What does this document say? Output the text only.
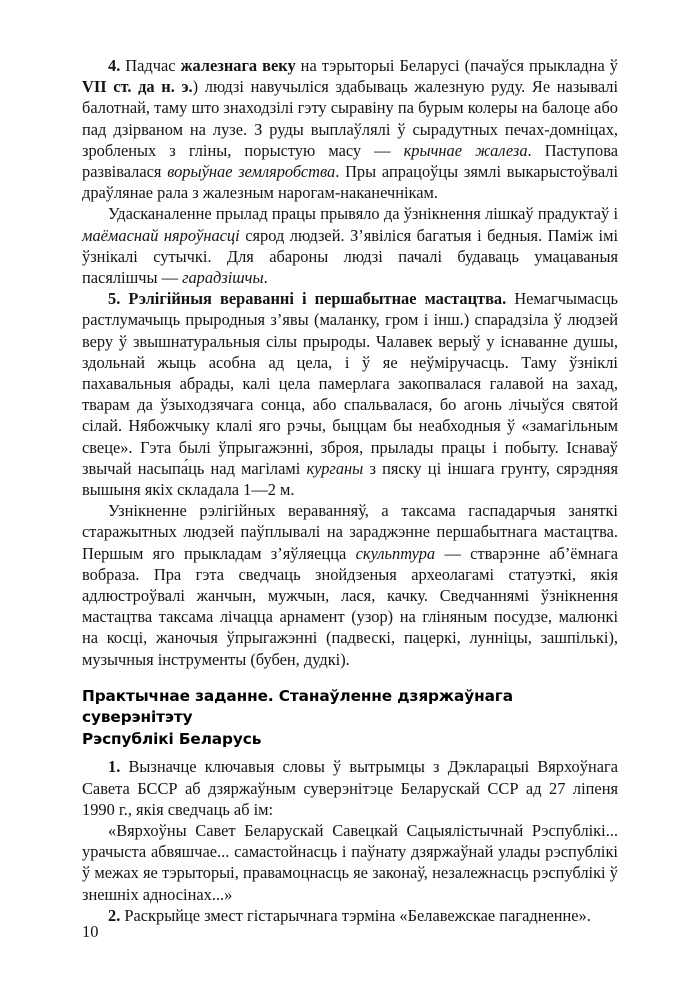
4. Падчас жалезнага веку на тэрыторыі Беларусі (пачаўся прыкладна ў VII ст. да н. э.) людзі навучыліся здабываць жалезную руду. Яе называлі балотнай, таму што знаходзілі гэту сыравіну па бурым колеры на балоце або пад дзірваном на лузе. З руды выплаўлялі ў сырадутных печах-домніцах, зробленых з гліны, порыстую масу — крычнае жалеза. Паступова развівалася ворыўнае земляробства. Пры апрацоўцы зямлі выкарыстоўвалі драўлянае рала з жалезным нарогам-наканечнікам.

Удасканаленне прылад працы прывяло да ўзнікнення лішкаў прадуктаў і маёмаснай няроўнасці сярод людзей. З’явіліся багатыя і бедныя. Паміж імі ўзнікалі сутычкі. Для абароны людзі пачалі будаваць умацаваныя пасялішчы — гарадзішчы.

5. Рэлігійныя вераванні і першабытнае мастацтва. Немагчымасць растлумачыць прыродныя з’явы (маланку, гром і інш.) спарадзіла ў людзей веру ў звышнатуральныя сілы прыроды. Чалавек верыў у існаванне душы, здольнай жыць асобна ад цела, і ў яе неўміручасць. Таму ўзніклі пахавальныя абрады, калі цела памерлага закопвалася галавой на захад, тварам да ўзыходзячага сонца, або спальвалася, бо агонь лічыўся святой сілай. Нябожчыку клалі яго рэчы, быццам бы неабходныя ў «замагільным свеце». Гэта былі ўпрыгажэнні, зброя, прылады працы і побыту. Існаваў звычай насыпа́ць над магіламі курганы з пяску ці іншага грунту, сярэдняя вышыня якіх складала 1—2 м.

Узнікненне рэлігійных вераванняў, а таксама гаспадарчыя заняткі старажытных людзей паўплывалі на зараджэнне першабытнага мастацтва. Першым яго прыкладам з’яўляецца скульптура — стварэнне аб’ёмнага вобраза. Пра гэта сведчаць знойдзеныя археолагамі статуэткі, якія адлюстроўвалі жанчын, мужчын, лася, качку. Сведчаннямі ўзнікнення мастацтва таксама лічацца арнамент (узор) на гліняным посудзе, малюнкі на косці, жаночыя ўпрыгажэнні (падвескі, пацеркі, лунніцы, зашпількі), музычныя інструменты (бубен, дудкі).

Практычнае заданне. Станаўленне дзяржаўнага суверэнітэту
Рэспублікі Беларусь

1. Вызначце ключавыя словы ў вытрымцы з Дэкларацыі Вярхоўнага Савета БССР аб дзяржаўным суверэнітэце Беларускай ССР ад 27 ліпеня 1990 г., якія сведчаць аб ім:

«Вярхоўны Савет Беларускай Савецкай Сацыялістычнай Рэспублікі... урачыста абвяшчае... самастойнасць і паўнату дзяржаўнай улады рэспублікі ў межах яе тэрыторыі, правамоцнасць яе законаў, незалежнасць рэспублікі ў знешніх адносінах...»

2. Раскрыйце змест гістарычнага тэрміна «Белавежскае пагадненне».

10
